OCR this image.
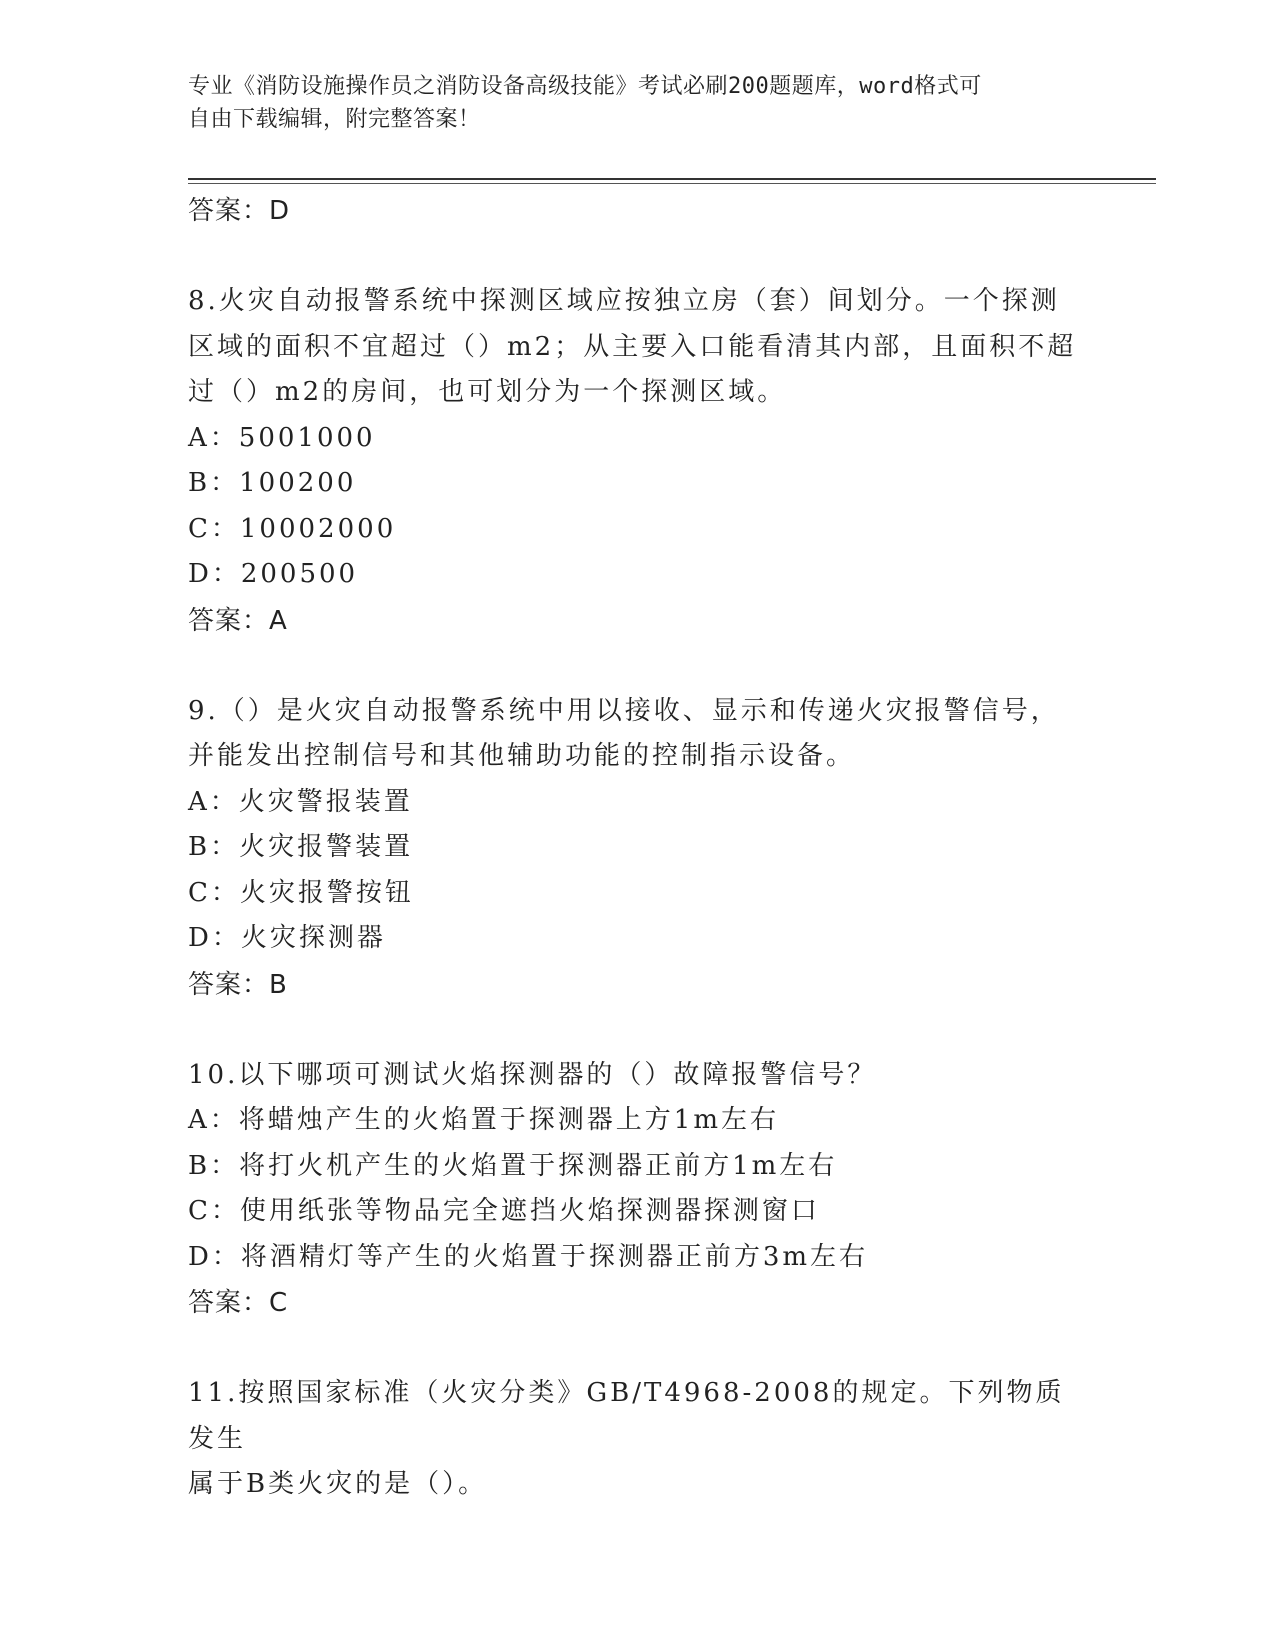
专业《消防设施操作员之消防设备高级技能》考试必刷200题题库，word格式可
自由下载编辑，附完整答案！
答案：D
8.火灾自动报警系统中探测区域应按独立房（套）间划分。一个探测
区域的面积不宜超过（）m2；从主要入口能看清其内部，且面积不超
过（）m2的房间，也可划分为一个探测区域。
A：5001000
B：100200
C：10002000
D：200500
答案：A
9.（）是火灾自动报警系统中用以接收、显示和传递火灾报警信号，
并能发出控制信号和其他辅助功能的控制指示设备。
A：火灾警报装置
B：火灾报警装置
C：火灾报警按钮
D：火灾探测器
答案：B
10.以下哪项可测试火焰探测器的（）故障报警信号？
A：将蜡烛产生的火焰置于探测器上方1m左右
B：将打火机产生的火焰置于探测器正前方1m左右
C：使用纸张等物品完全遮挡火焰探测器探测窗口
D：将酒精灯等产生的火焰置于探测器正前方3m左右
答案：C
11.按照国家标准（火灾分类》GB/T4968-2008的规定。下列物质发生
属于B类火灾的是（）。
